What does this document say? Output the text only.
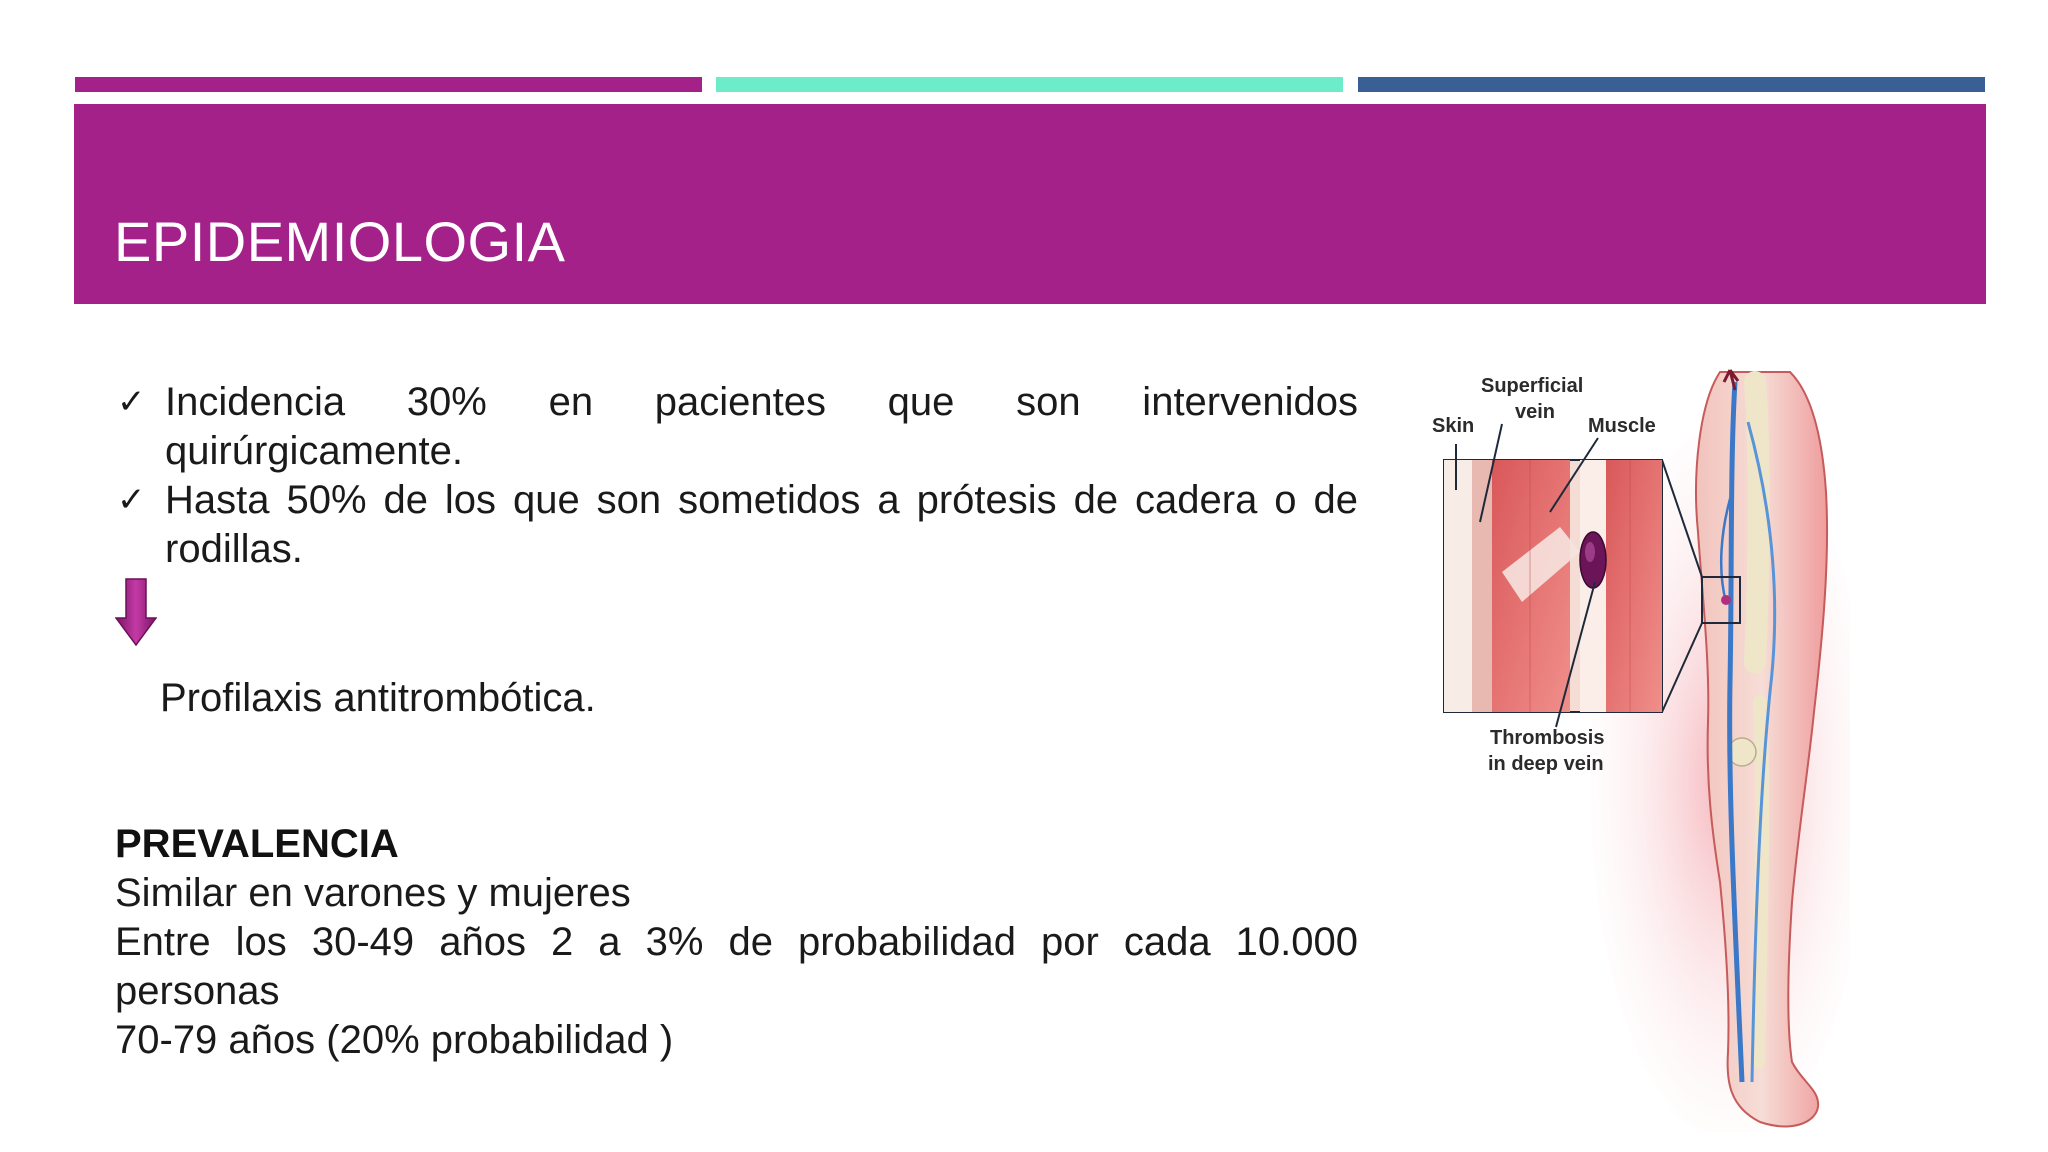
EPIDEMIOLOGIA
✓ Incidencia 30% en pacientes que son intervenidos quirúrgicamente.
✓ Hasta 50% de los que son sometidos a prótesis de cadera o de rodillas.
Profilaxis antitrombótica.
PREVALENCIA
Similar en varones y mujeres
Entre los 30-49 años 2 a 3% de probabilidad por cada 10.000 personas
70-79 años (20% probabilidad )
Superficial
vein
Skin	Muscle
Thrombosis
in deep vein
